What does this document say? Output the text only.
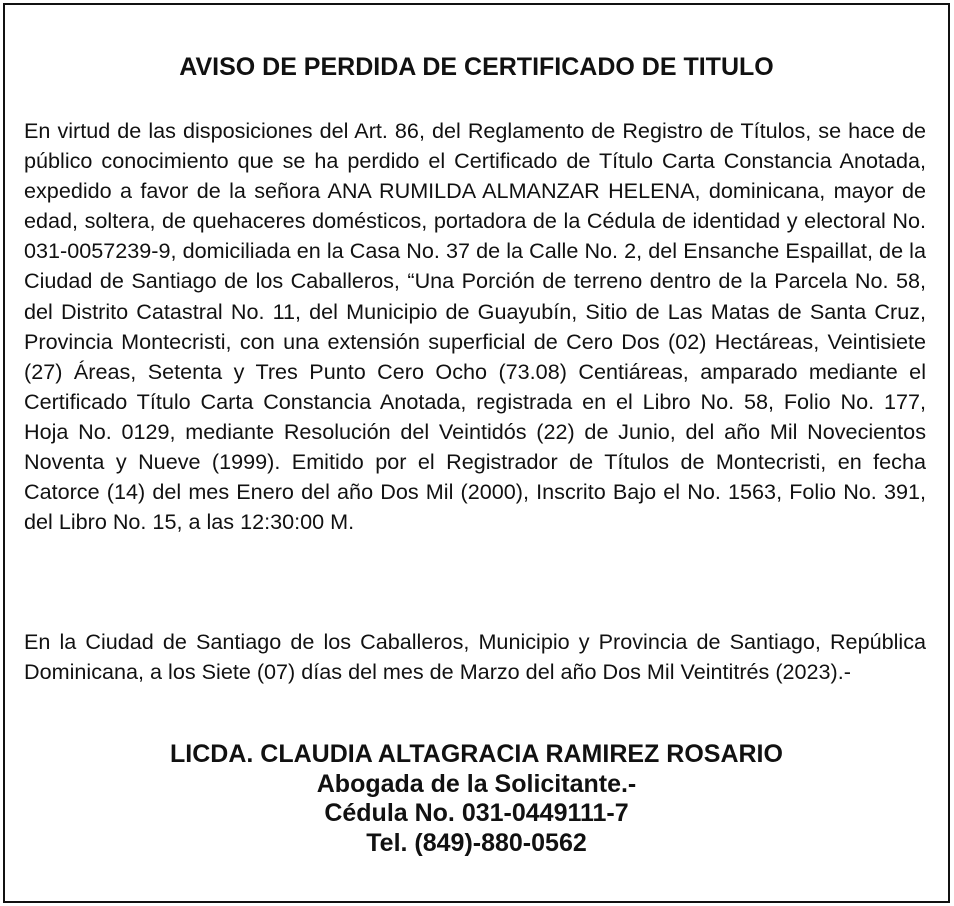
AVISO DE PERDIDA DE CERTIFICADO DE TITULO

En virtud de las disposiciones del Art. 86, del Reglamento de Registro de Títulos, se hace de público conocimiento que se ha perdido el Certificado de Título Carta Constancia Anotada, expedido a favor de la señora ANA RUMILDA ALMANZAR HELENA, dominicana, mayor de edad, soltera, de quehaceres domésticos, portadora de la Cédula de identidad y electoral No. 031-0057239-9, domiciliada en la Casa No. 37 de la Calle No. 2, del Ensanche Espaillat, de la Ciudad de Santiago de los Caballeros, “Una Porción de terreno dentro de la Parcela No. 58, del Distrito Catastral No. 11, del Municipio de Guayubín, Sitio de Las Matas de Santa Cruz, Provincia Montecristi, con una extensión superficial de Cero Dos (02) Hectáreas, Veintisiete (27) Áreas, Setenta y Tres Punto Cero Ocho (73.08) Centiáreas, amparado mediante el Certificado Título Carta Constancia Anotada, registrada en el Libro No. 58, Folio No. 177, Hoja No. 0129, mediante Resolución del Veintidós (22) de Junio, del año Mil Novecientos Noventa y Nueve (1999). Emitido por el Registrador de Títulos de Montecristi, en fecha Catorce (14) del mes Enero del año Dos Mil (2000), Inscrito Bajo el No. 1563, Folio No. 391, del Libro No. 15, a las 12:30:00 M.

En la Ciudad de Santiago de los Caballeros, Municipio y Provincia de Santiago, República Dominicana, a los Siete (07) días del mes de Marzo del año Dos Mil Veintitrés (2023).-

LICDA. CLAUDIA ALTAGRACIA RAMIREZ ROSARIO
Abogada de la Solicitante.-
Cédula No. 031-0449111-7
Tel. (849)-880-0562
